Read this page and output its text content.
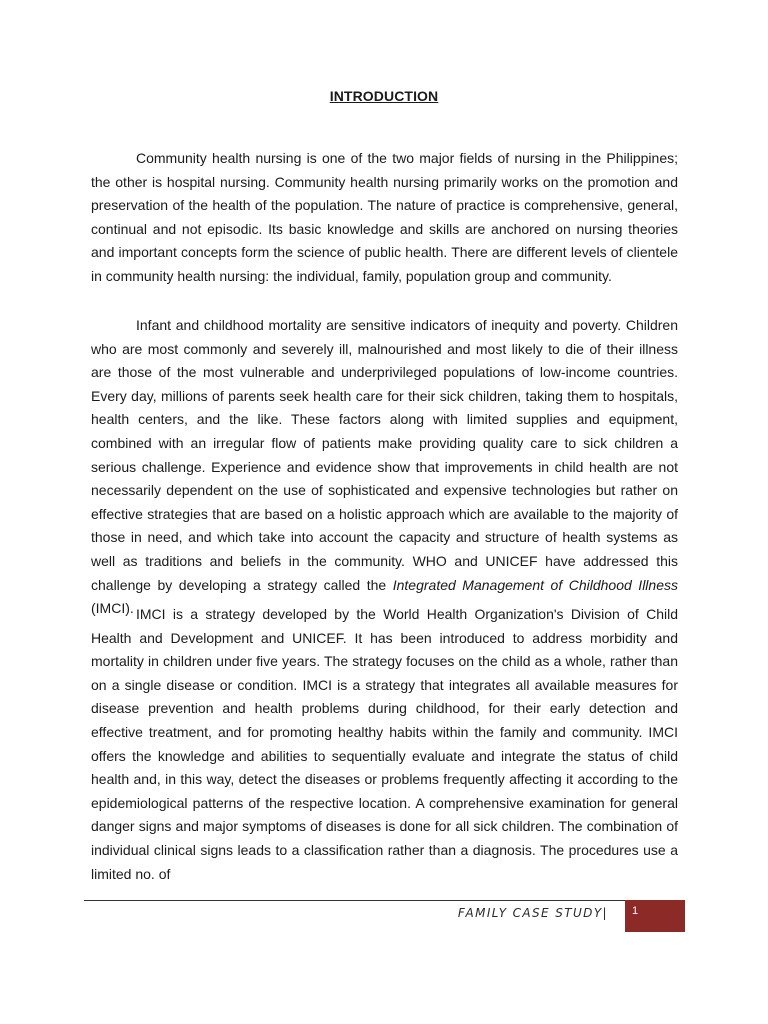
INTRODUCTION

Community health nursing is one of the two major fields of nursing in the Philippines; the other is hospital nursing. Community health nursing primarily works on the promotion and preservation of the health of the population. The nature of practice is comprehensive, general, continual and not episodic. Its basic knowledge and skills are anchored on nursing theories and important concepts form the science of public health. There are different levels of clientele in community health nursing: the individual, family, population group and community.

Infant and childhood mortality are sensitive indicators of inequity and poverty. Children who are most commonly and severely ill, malnourished and most likely to die of their illness are those of the most vulnerable and underprivileged populations of low-income countries. Every day, millions of parents seek health care for their sick children, taking them to hospitals, health centers, and the like. These factors along with limited supplies and equipment, combined with an irregular flow of patients make providing quality care to sick children a serious challenge. Experience and evidence show that improvements in child health are not necessarily dependent on the use of sophisticated and expensive technologies but rather on effective strategies that are based on a holistic approach which are available to the majority of those in need, and which take into account the capacity and structure of health systems as well as traditions and beliefs in the community. WHO and UNICEF have addressed this challenge by developing a strategy called the Integrated Management of Childhood Illness (IMCI). IMCI is a strategy developed by the World Health Organization's Division of Child Health and Development and UNICEF. It has been introduced to address morbidity and mortality in children under five years. The strategy focuses on the child as a whole, rather than on a single disease or condition. IMCI is a strategy that integrates all available measures for disease prevention and health problems during childhood, for their early detection and effective treatment, and for promoting healthy habits within the family and community. IMCI offers the knowledge and abilities to sequentially evaluate and integrate the status of child health and, in this way, detect the diseases or problems frequently affecting it according to the epidemiological patterns of the respective location. A comprehensive examination for general danger signs and major symptoms of diseases is done for all sick children. The combination of individual clinical signs leads to a classification rather than a diagnosis. The procedures use a limited no. of

FAMILY CASE STUDY| 1
